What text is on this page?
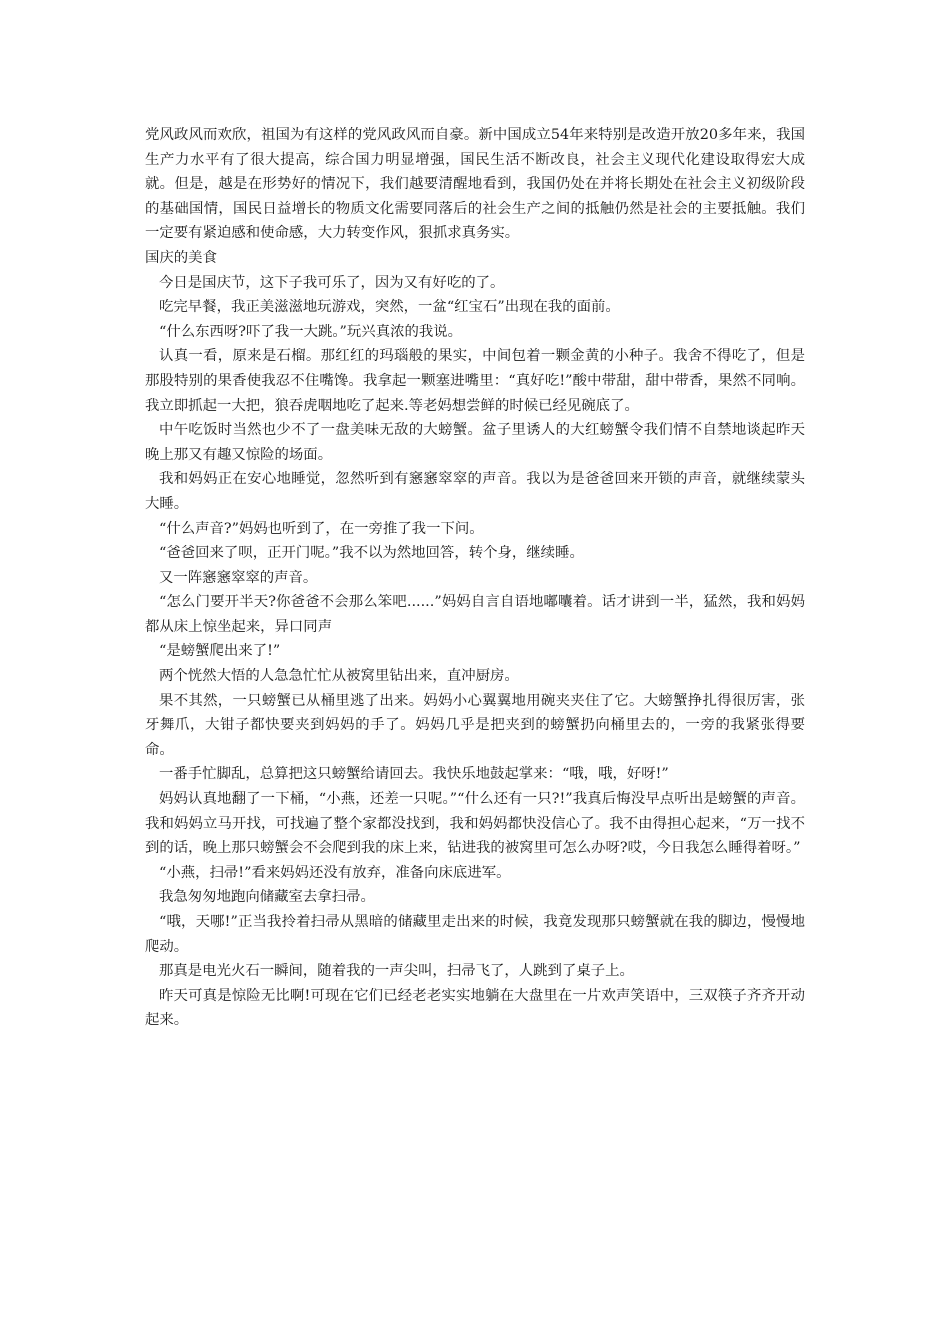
党风政风而欢欣，祖国为有这样的党风政风而自豪。新中国成立54年来特别是改造开放20多年来，我国生产力水平有了很大提高，综合国力明显增强，国民生活不断改良，社会主义现代化建设取得宏大成就。但是，越是在形势好的情况下，我们越要清醒地看到，我国仍处在并将长期处在社会主义初级阶段的基础国情，国民日益增长的物质文化需要同落后的社会生产之间的抵触仍然是社会的主要抵触。我们一定要有紧迫感和使命感，大力转变作风，狠抓求真务实。

国庆的美食

今日是国庆节，这下子我可乐了，因为又有好吃的了。

吃完早餐，我正美滋滋地玩游戏，突然，一盆“红宝石”出现在我的面前。

“什么东西呀?吓了我一大跳。”玩兴真浓的我说。

认真一看，原来是石榴。那红红的玛瑙般的果实，中间包着一颗金黄的小种子。我舍不得吃了，但是那股特别的果香使我忍不住嘴馋。我拿起一颗塞进嘴里：“真好吃!”酸中带甜，甜中带香，果然不同响。我立即抓起一大把，狼吞虎咽地吃了起来.等老妈想尝鲜的时候已经见碗底了。

中午吃饭时当然也少不了一盘美味无敌的大螃蟹。盆子里诱人的大红螃蟹令我们情不自禁地谈起昨天晚上那又有趣又惊险的场面。

我和妈妈正在安心地睡觉，忽然听到有窸窸窣窣的声音。我以为是爸爸回来开锁的声音，就继续蒙头大睡。

“什么声音?”妈妈也听到了，在一旁推了我一下问。

“爸爸回来了呗，正开门呢。”我不以为然地回答，转个身，继续睡。

又一阵窸窸窣窣的声音。

“怎么门要开半天?你爸爸不会那么笨吧......”妈妈自言自语地嘟囔着。话才讲到一半，猛然，我和妈妈都从床上惊坐起来，异口同声

“是螃蟹爬出来了!”

两个恍然大悟的人急急忙忙从被窝里钻出来，直冲厨房。

果不其然，一只螃蟹已从桶里逃了出来。妈妈小心翼翼地用碗夹夹住了它。大螃蟹挣扎得很厉害，张牙舞爪，大钳子都快要夹到妈妈的手了。妈妈几乎是把夹到的螃蟹扔向桶里去的，一旁的我紧张得要命。

一番手忙脚乱，总算把这只螃蟹给请回去。我快乐地鼓起掌来：“哦，哦，好呀!”

妈妈认真地翻了一下桶，“小燕，还差一只呢。”“什么还有一只?!”我真后悔没早点听出是螃蟹的声音。我和妈妈立马开找，可找遍了整个家都没找到，我和妈妈都快没信心了。我不由得担心起来，“万一找不到的话，晚上那只螃蟹会不会爬到我的床上来，钻进我的被窝里可怎么办呀?哎，今日我怎么睡得着呀。”

“小燕，扫帚!”看来妈妈还没有放弃，准备向床底进军。

我急匆匆地跑向储藏室去拿扫帚。

“哦，天哪!”正当我拎着扫帚从黑暗的储藏里走出来的时候，我竟发现那只螃蟹就在我的脚边，慢慢地爬动。

那真是电光火石一瞬间，随着我的一声尖叫，扫帚飞了，人跳到了桌子上。

昨天可真是惊险无比啊!可现在它们已经老老实实地躺在大盘里在一片欢声笑语中，三双筷子齐齐开动起来。
